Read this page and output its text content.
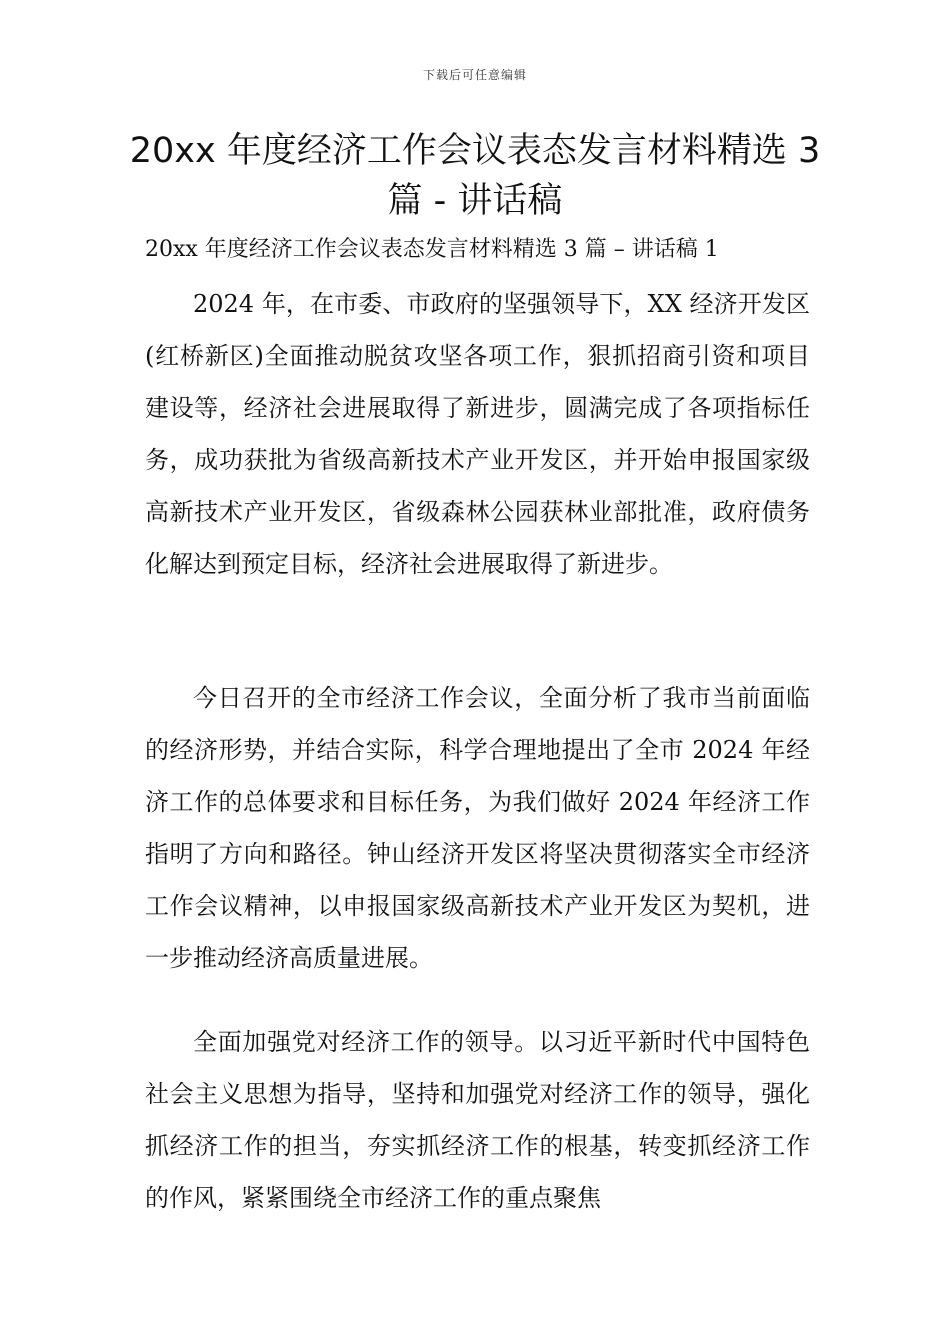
下载后可任意编辑
20xx 年度经济工作会议表态发言材料精选 3 篇 - 讲话稿
20xx 年度经济工作会议表态发言材料精选 3 篇 – 讲话稿 1

2024 年，在市委、市政府的坚强领导下，XX 经济开发区(红桥新区)全面推动脱贫攻坚各项工作，狠抓招商引资和项目建设等，经济社会进展取得了新进步，圆满完成了各项指标任务，成功获批为省级高新技术产业开发区，并开始申报国家级高新技术产业开发区，省级森林公园获林业部批准，政府债务化解达到预定目标，经济社会进展取得了新进步。

今日召开的全市经济工作会议，全面分析了我市当前面临的经济形势，并结合实际，科学合理地提出了全市 2024 年经济工作的总体要求和目标任务，为我们做好 2024 年经济工作指明了方向和路径。钟山经济开发区将坚决贯彻落实全市经济工作会议精神，以申报国家级高新技术产业开发区为契机，进一步推动经济高质量进展。

全面加强党对经济工作的领导。以习近平新时代中国特色社会主义思想为指导，坚持和加强党对经济工作的领导，强化抓经济工作的担当，夯实抓经济工作的根基，转变抓经济工作的作风，紧紧围绕全市经济工作的重点聚焦
